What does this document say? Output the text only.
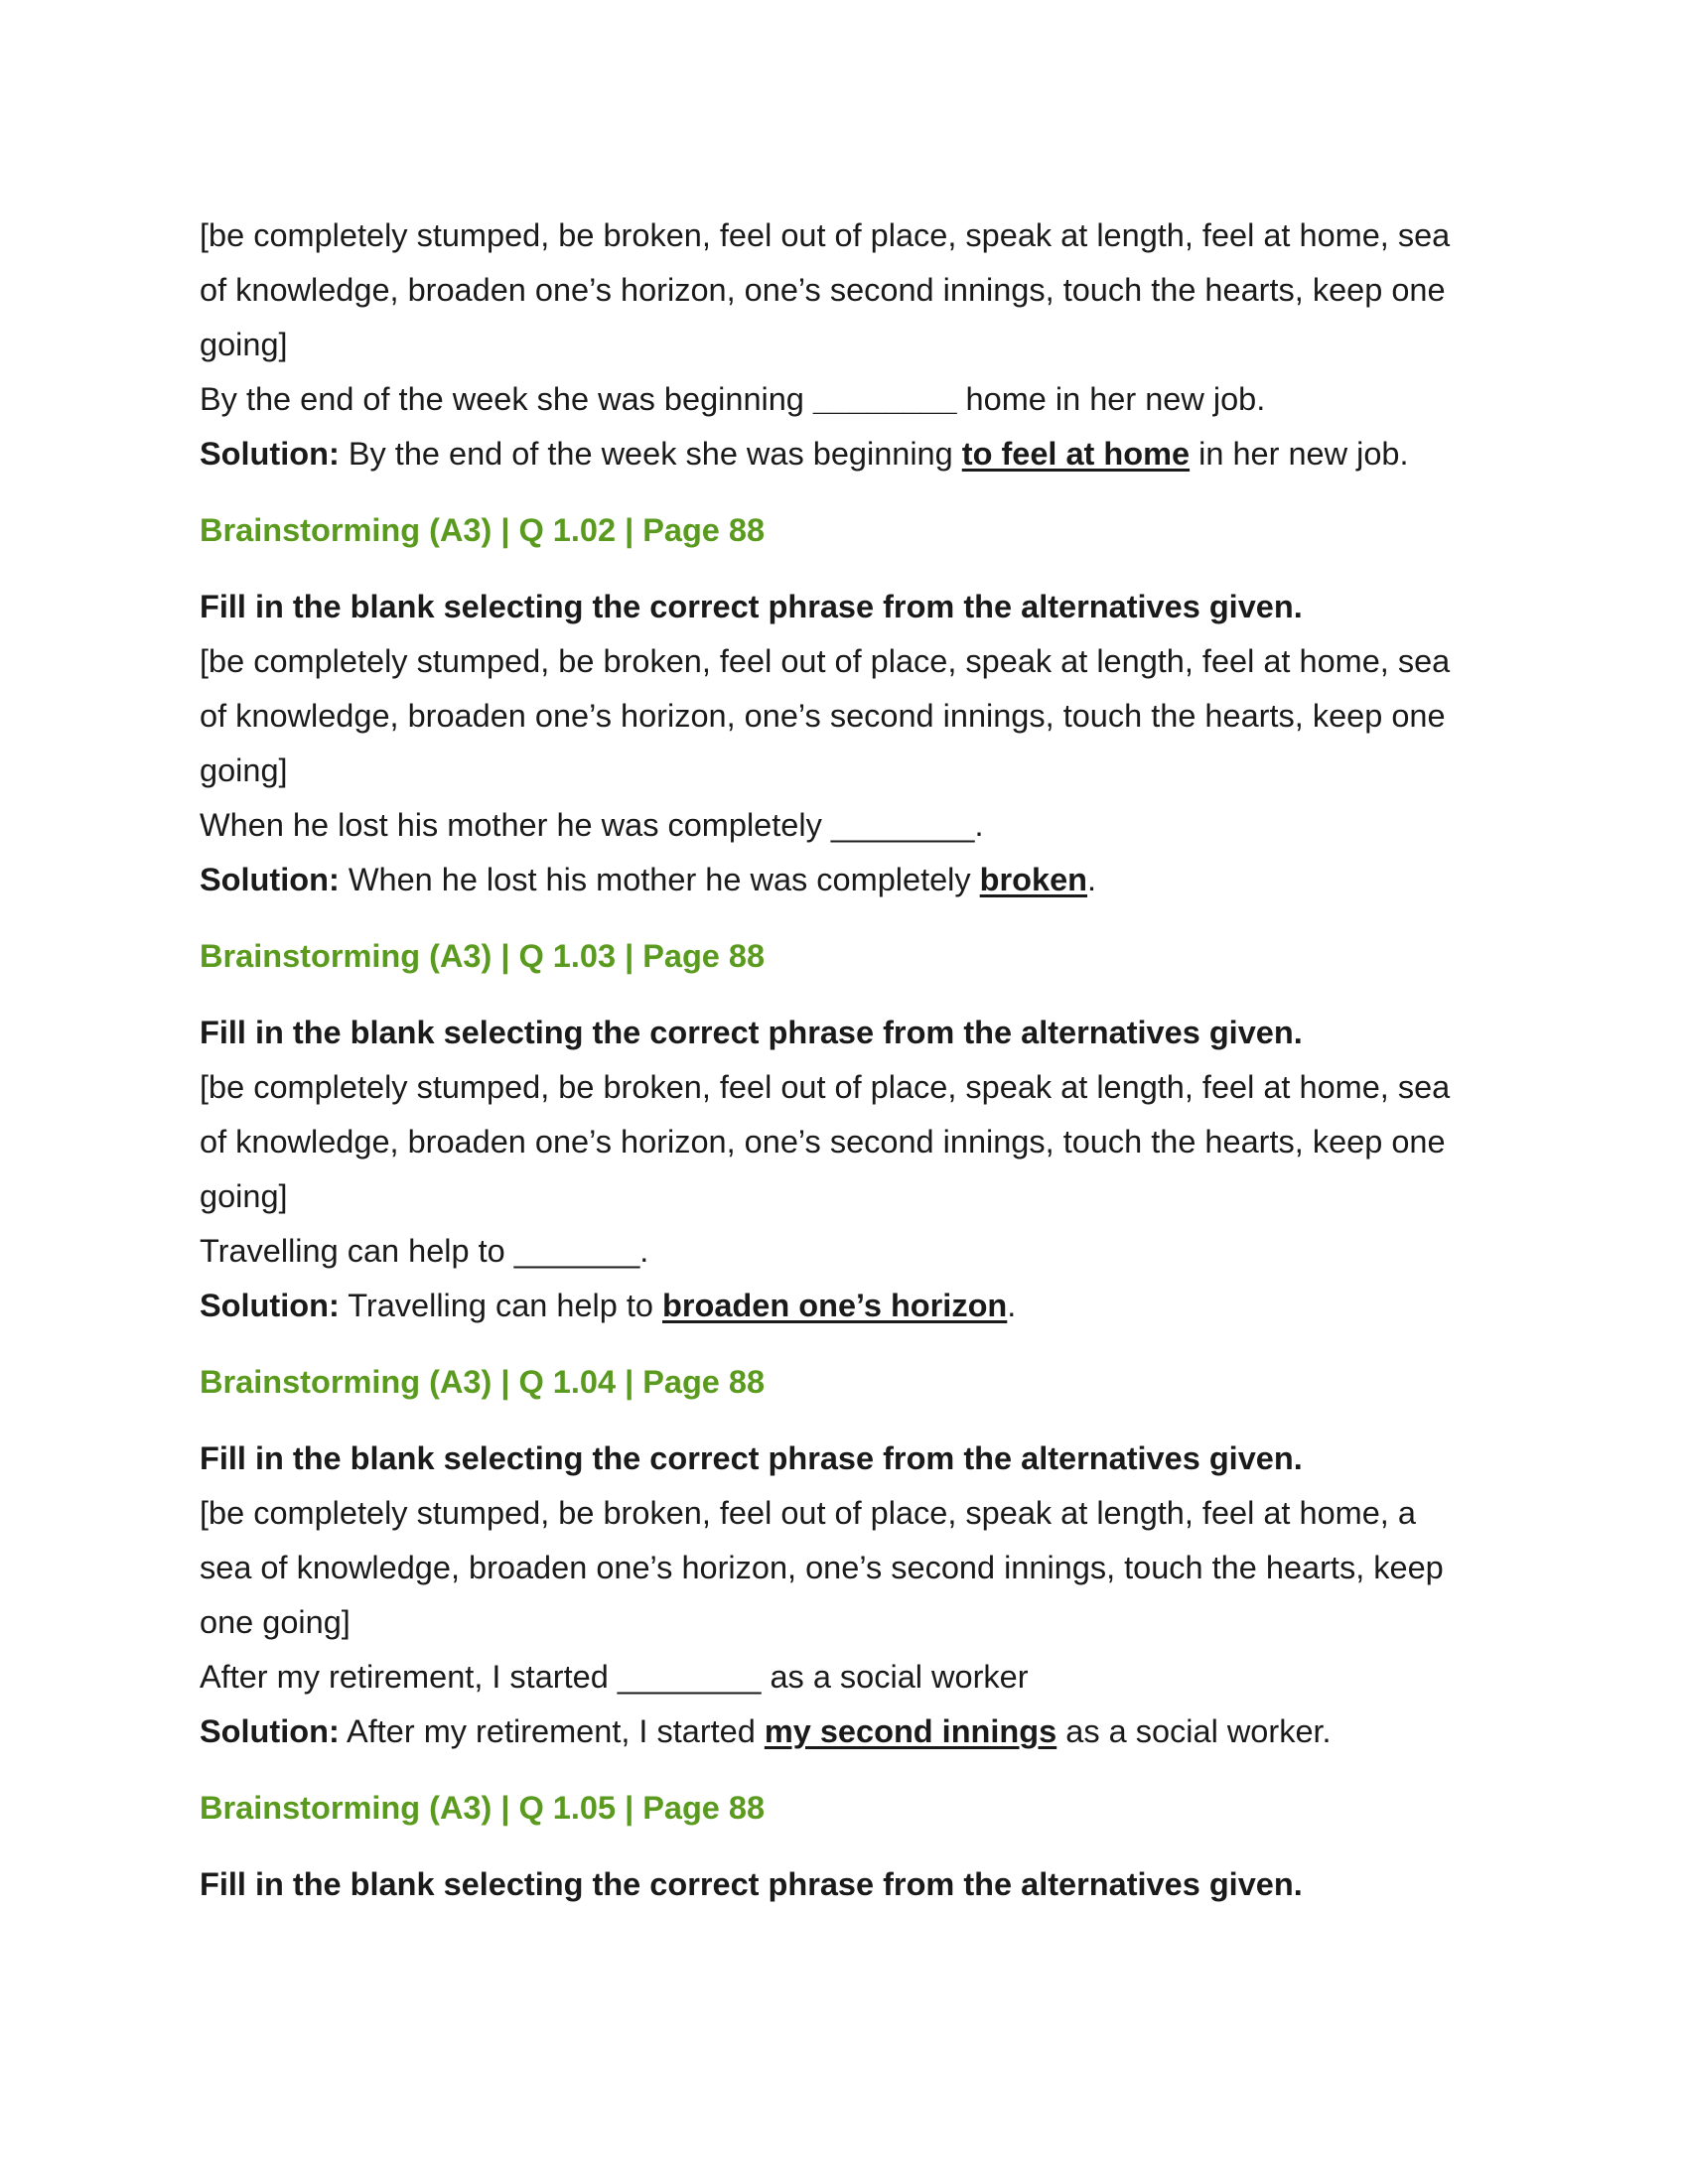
[be completely stumped, be broken, feel out of place, speak at length, feel at home, sea

of knowledge, broaden one’s horizon, one’s second innings, touch the hearts, keep one

going]

By the end of the week she was beginning ________ home in her new job.

Solution: By the end of the week she was beginning to feel at home in her new job.

Brainstorming (A3) | Q 1.02 | Page 88

Fill in the blank selecting the correct phrase from the alternatives given.

[be completely stumped, be broken, feel out of place, speak at length, feel at home, sea

of knowledge, broaden one’s horizon, one’s second innings, touch the hearts, keep one

going]

When he lost his mother he was completely ________.

Solution: When he lost his mother he was completely broken.

Brainstorming (A3) | Q 1.03 | Page 88

Fill in the blank selecting the correct phrase from the alternatives given.

[be completely stumped, be broken, feel out of place, speak at length, feel at home, sea

of knowledge, broaden one’s horizon, one’s second innings, touch the hearts, keep one

going]

Travelling can help to _______.

Solution: Travelling can help to broaden one’s horizon.

Brainstorming (A3) | Q 1.04 | Page 88

Fill in the blank selecting the correct phrase from the alternatives given.

[be completely stumped, be broken, feel out of place, speak at length, feel at home, a

sea of knowledge, broaden one’s horizon, one’s second innings, touch the hearts, keep

one going]

After my retirement, I started ________ as a social worker

Solution: After my retirement, I started my second innings as a social worker.

Brainstorming (A3) | Q 1.05 | Page 88

Fill in the blank selecting the correct phrase from the alternatives given.
